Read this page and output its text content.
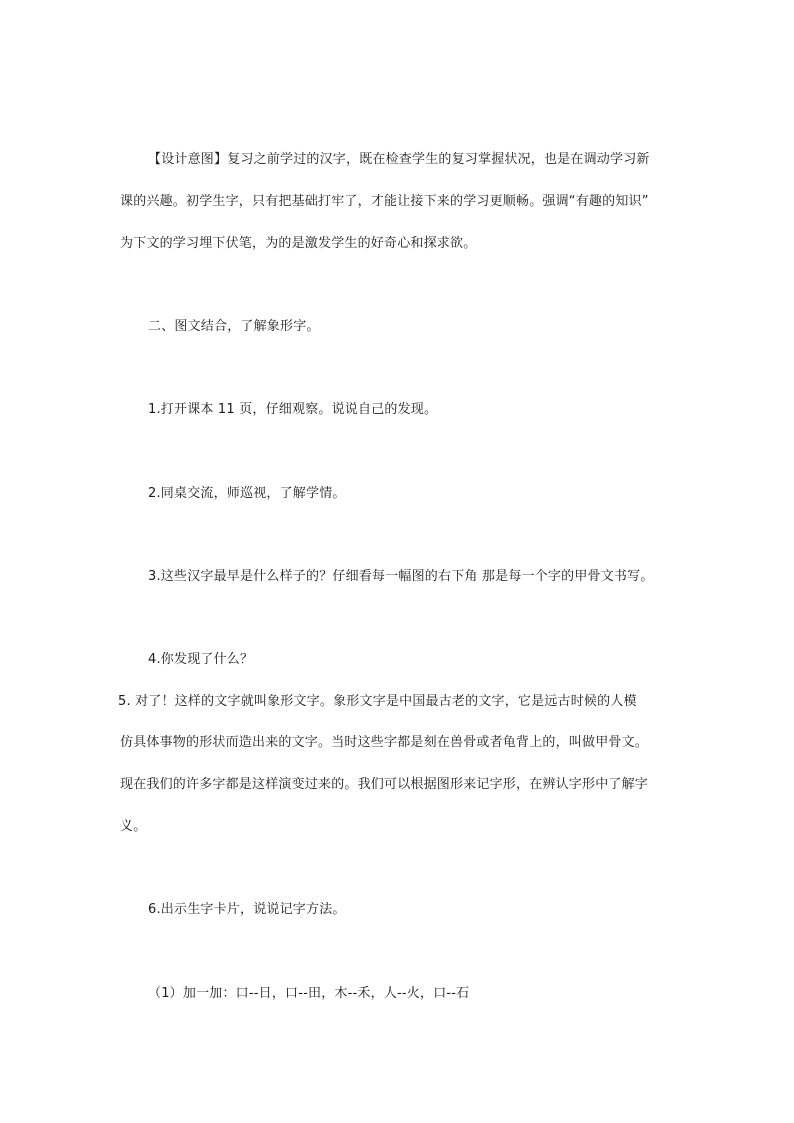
【设计意图】复习之前学过的汉字，既在检查学生的复习掌握状况，也是在调动学习新
课的兴趣。初学生字，只有把基础打牢了，才能让接下来的学习更顺畅。强调“有趣的知识”
为下文的学习埋下伏笔，为的是激发学生的好奇心和探求欲。
二、图文结合，了解象形字。
1.打开课本 11 页，仔细观察。说说自己的发现。
2.同桌交流，师巡视，了解学情。
3.这些汉字最早是什么样子的？仔细看每一幅图的右下角 那是每一个字的甲骨文书写。
4.你发现了什么？
5. 对了！这样的文字就叫象形文字。象形文字是中国最古老的文字，它是远古时候的人模
仿具体事物的形状而造出来的文字。当时这些字都是刻在兽骨或者龟背上的，叫做甲骨文。
现在我们的许多字都是这样演变过来的。我们可以根据图形来记字形，在辨认字形中了解字
义。
6.出示生字卡片，说说记字方法。
（1）加一加：口--日，口--田，木--禾，人--火，口--石
